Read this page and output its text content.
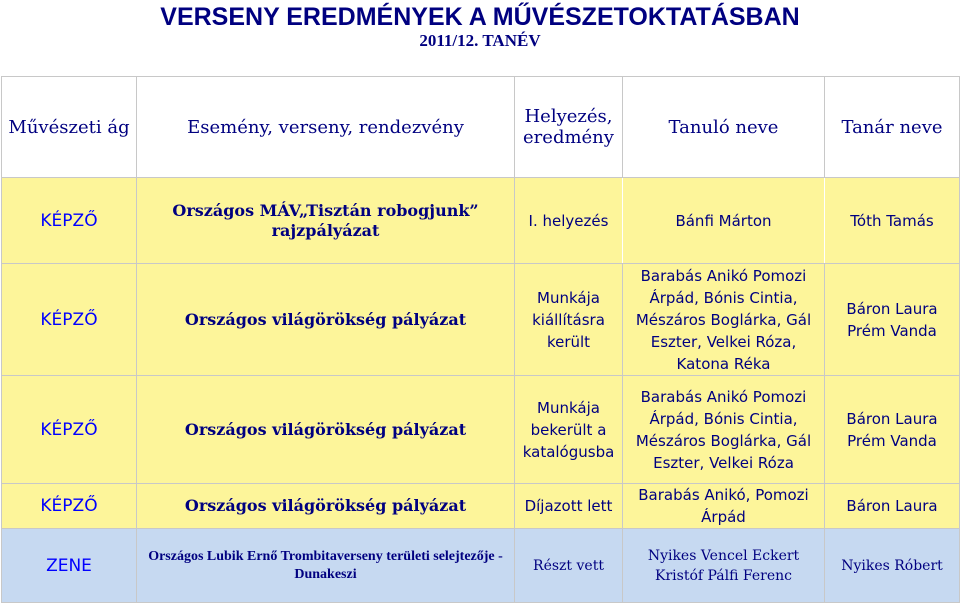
VERSENY EREDMÉNYEK A MŰVÉSZETOKTATÁSBAN
2011/12. TANÉV
Művészeti ág	Esemény, verseny, rendezvény	Helyezés, eredmény	Tanuló neve	Tanár neve
KÉPZŐ	Országos MÁV„Tisztán robogjunk” rajzpályázat	I. helyezés	Bánfi Márton	Tóth Tamás
KÉPZŐ	Országos világörökség pályázat	Munkája kiállításra került	Barabás Anikó Pomozi Árpád, Bónis Cintia, Mészáros Boglárka, Gál Eszter, Velkei Róza, Katona Réka	Báron Laura Prém Vanda
KÉPZŐ	Országos világörökség pályázat	Munkája bekerült a katalógusba	Barabás Anikó Pomozi Árpád, Bónis Cintia, Mészáros Boglárka, Gál Eszter, Velkei Róza	Báron Laura Prém Vanda
KÉPZŐ	Országos világörökség pályázat	Díjazott lett	Barabás Anikó, Pomozi Árpád	Báron Laura
ZENE	Országos Lubik Ernő Trombitaverseny területi selejtezője - Dunakeszi	Részt vett	Nyikes Vencel Eckert Kristóf Pálfi Ferenc	Nyikes Róbert
